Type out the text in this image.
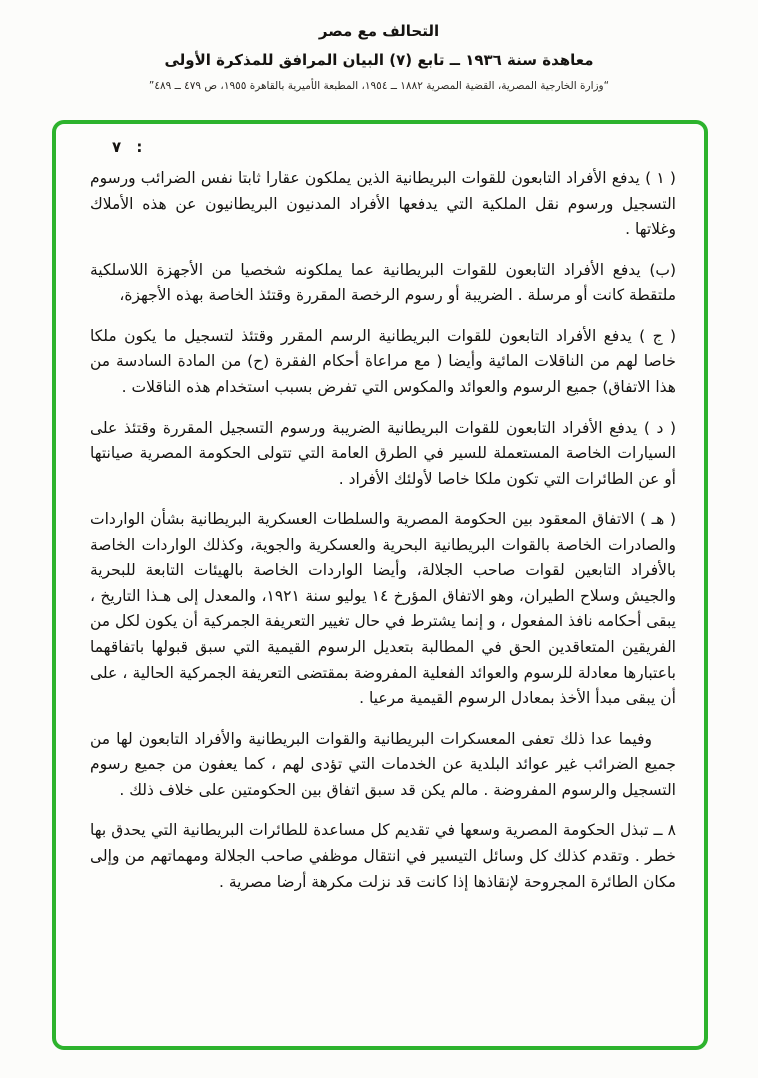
التحالف مع مصر
معاهدة سنة ١٩٣٦ ــ تابع (٧) البيان المرافق للمذكرة الأولى
“وزارة الخارجية المصرية، القضية المصرية ١٨٨٢ ــ ١٩٥٤، المطبعة الأميرية بالقاهرة ١٩٥٥، ص ٤٧٩ ــ ٤٨٩”
٧ :

( ١ ) يدفع الأفراد التابعون للقوات البريطانية الذين يملكون عقارا ثابتا نفس الضرائب ورسوم التسجيل ورسوم نقل الملكية التي يدفعها الأفراد المدنيون البريطانيون عن هذه الأملاك وغلاتها .

(ب) يدفع الأفراد التابعون للقوات البريطانية عما يملكونه شخصيا من الأجهزة اللاسلكية ملتقطة كانت أو مرسلة . الضريبة أو رسوم الرخصة المقررة وقتئذ الخاصة بهذه الأجهزة،

( ج ) يدفع الأفراد التابعون للقوات البريطانية الرسم المقرر وقتئذ لتسجيل ما يكون ملكا خاصا لهم من الناقلات المائية وأيضا ( مع مراعاة أحكام الفقرة (ح) من المادة السادسة من هذا الاتفاق) جميع الرسوم والعوائد والمكوس التي تفرض بسبب استخدام هذه الناقلات .

( د ) يدفع الأفراد التابعون للقوات البريطانية الضريبة ورسوم التسجيل المقررة وقتئذ على السيارات الخاصة المستعملة للسير في الطرق العامة التي تتولى الحكومة المصرية صيانتها أو عن الطائرات التي تكون ملكا خاصا لأولئك الأفراد .

( هـ ) الاتفاق المعقود بين الحكومة المصرية والسلطات العسكرية البريطانية بشأن الواردات والصادرات الخاصة بالقوات البريطانية البحرية والعسكرية والجوية، وكذلك الواردات الخاصة بالأفراد التابعين لقوات صاحب الجلالة، وأيضا الواردات الخاصة بالهيئات التابعة للبحرية والجيش وسلاح الطيران، وهو الاتفاق المؤرخ ١٤ يوليو سنة ١٩٢١، والمعدل إلى هـذا التاريخ ، يبقى أحكامه نافذ المفعول ، و إنما يشترط في حال تغيير التعريفة الجمركية أن يكون لكل من الفريقين المتعاقدين الحق في المطالبة بتعديل الرسوم القيمية التي سبق قبولها باتفاقهما باعتبارها معادلة للرسوم والعوائد الفعلية المفروضة بمقتضى التعريفة الجمركية الحالية ، على أن يبقى مبدأ الأخذ بمعادل الرسوم القيمية مرعيا .

وفيما عدا ذلك تعفى المعسكرات البريطانية والقوات البريطانية والأفراد التابعون لها من جميع الضرائب غير عوائد البلدية عن الخدمات التي تؤدى لهم ، كما يعفون من جميع رسوم التسجيل والرسوم المفروضة . مالم يكن قد سبق اتفاق بين الحكومتين على خلاف ذلك .

٨ ــ تبذل الحكومة المصرية وسعها في تقديم كل مساعدة للطائرات البريطانية التي يحدق بها خطر . وتقدم كذلك كل وسائل التيسير في انتقال موظفي صاحب الجلالة ومهماتهم من وإلى مكان الطائرة المجروحة لإنقاذها إذا كانت قد نزلت مكرهة أرضا مصرية .
